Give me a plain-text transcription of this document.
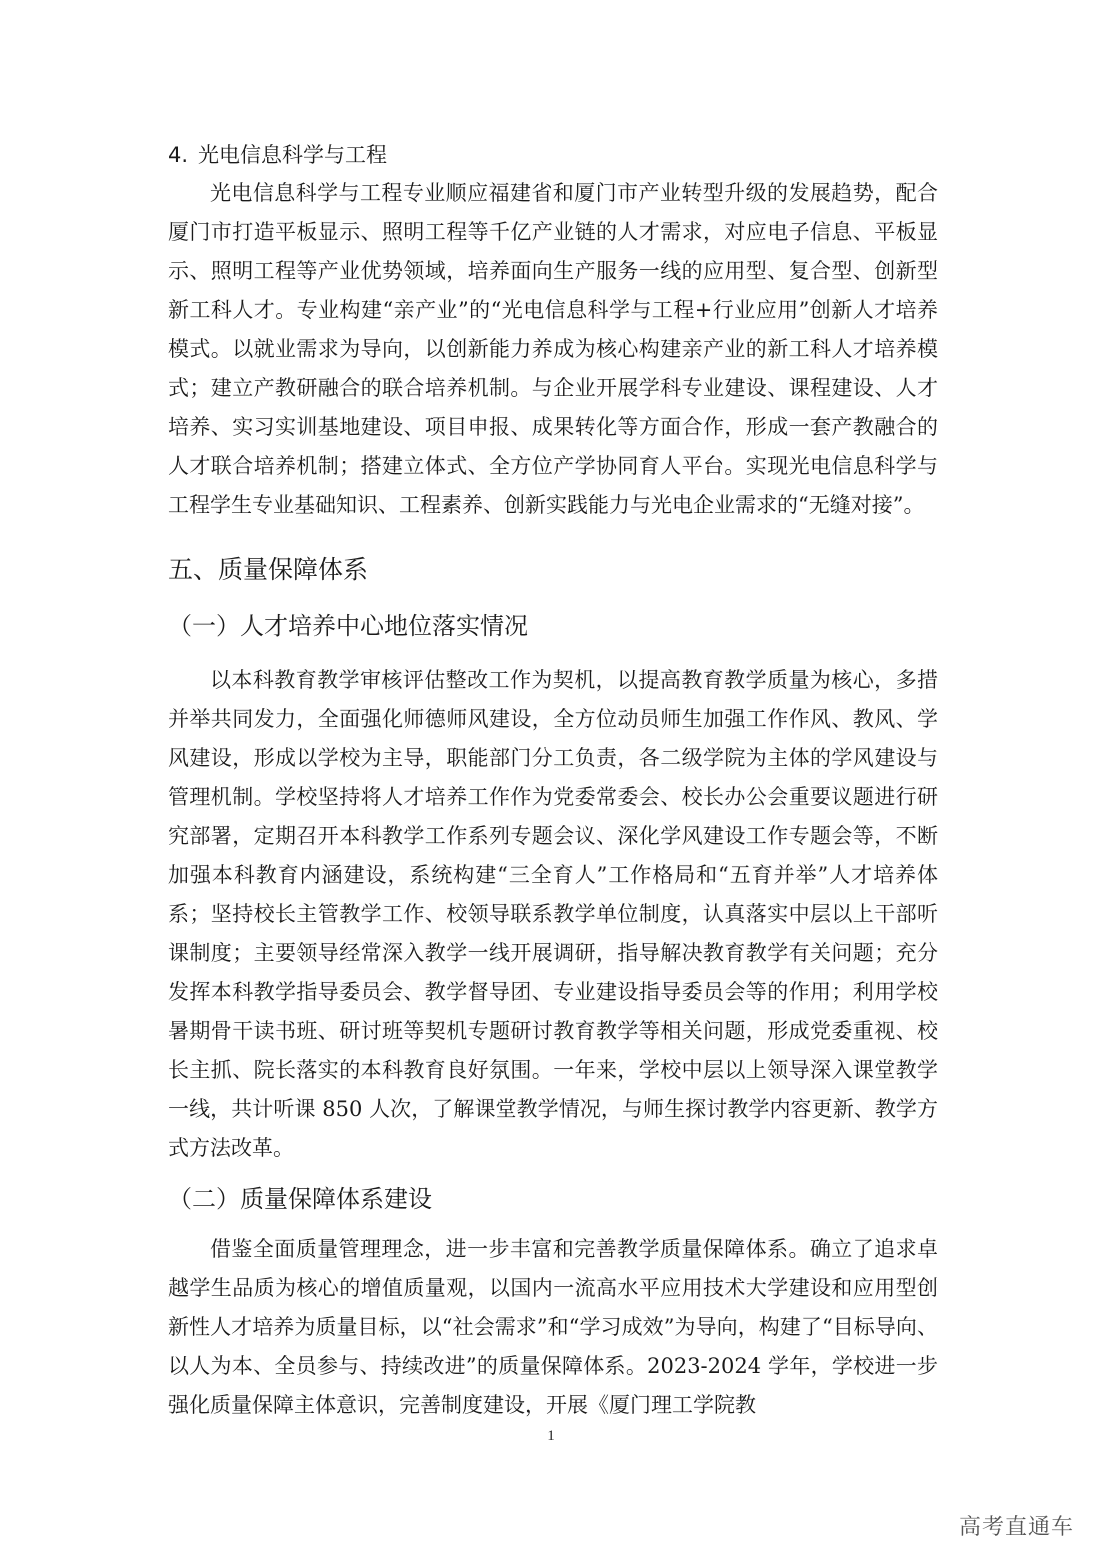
4. 光电信息科学与工程

光电信息科学与工程专业顺应福建省和厦门市产业转型升级的发展趋势，配合厦门市打造平板显示、照明工程等千亿产业链的人才需求，对应电子信息、平板显示、照明工程等产业优势领域，培养面向生产服务一线的应用型、复合型、创新型新工科人才。专业构建“亲产业”的“光电信息科学与工程+行业应用”创新人才培养模式。以就业需求为导向，以创新能力养成为核心构建亲产业的新工科人才培养模式；建立产教研融合的联合培养机制。与企业开展学科专业建设、课程建设、人才培养、实习实训基地建设、项目申报、成果转化等方面合作，形成一套产教融合的人才联合培养机制；搭建立体式、全方位产学协同育人平台。实现光电信息科学与工程学生专业基础知识、工程素养、创新实践能力与光电企业需求的“无缝对接”。

五、质量保障体系
（一）人才培养中心地位落实情况

以本科教育教学审核评估整改工作为契机，以提高教育教学质量为核心，多措并举共同发力，全面强化师德师风建设，全方位动员师生加强工作作风、教风、学风建设，形成以学校为主导，职能部门分工负责，各二级学院为主体的学风建设与管理机制。学校坚持将人才培养工作作为党委常委会、校长办公会重要议题进行研究部署，定期召开本科教学工作系列专题会议、深化学风建设工作专题会等，不断加强本科教育内涵建设，系统构建“三全育人”工作格局和“五育并举”人才培养体系；坚持校长主管教学工作、校领导联系教学单位制度，认真落实中层以上干部听课制度；主要领导经常深入教学一线开展调研，指导解决教育教学有关问题；充分发挥本科教学指导委员会、教学督导团、专业建设指导委员会等的作用；利用学校暑期骨干读书班、研讨班等契机专题研讨教育教学等相关问题，形成党委重视、校长主抓、院长落实的本科教育良好氛围。一年来，学校中层以上领导深入课堂教学一线，共计听课 850 人次，了解课堂教学情况，与师生探讨教学内容更新、教学方式方法改革。

（二）质量保障体系建设

借鉴全面质量管理理念，进一步丰富和完善教学质量保障体系。确立了追求卓越学生品质为核心的增值质量观，以国内一流高水平应用技术大学建设和应用型创新性人才培养为质量目标，以“社会需求”和“学习成效”为导向，构建了“目标导向、以人为本、全员参与、持续改进”的质量保障体系。2023-2024 学年，学校进一步强化质量保障主体意识，完善制度建设，开展《厦门理工学院教

1
高考直通车
